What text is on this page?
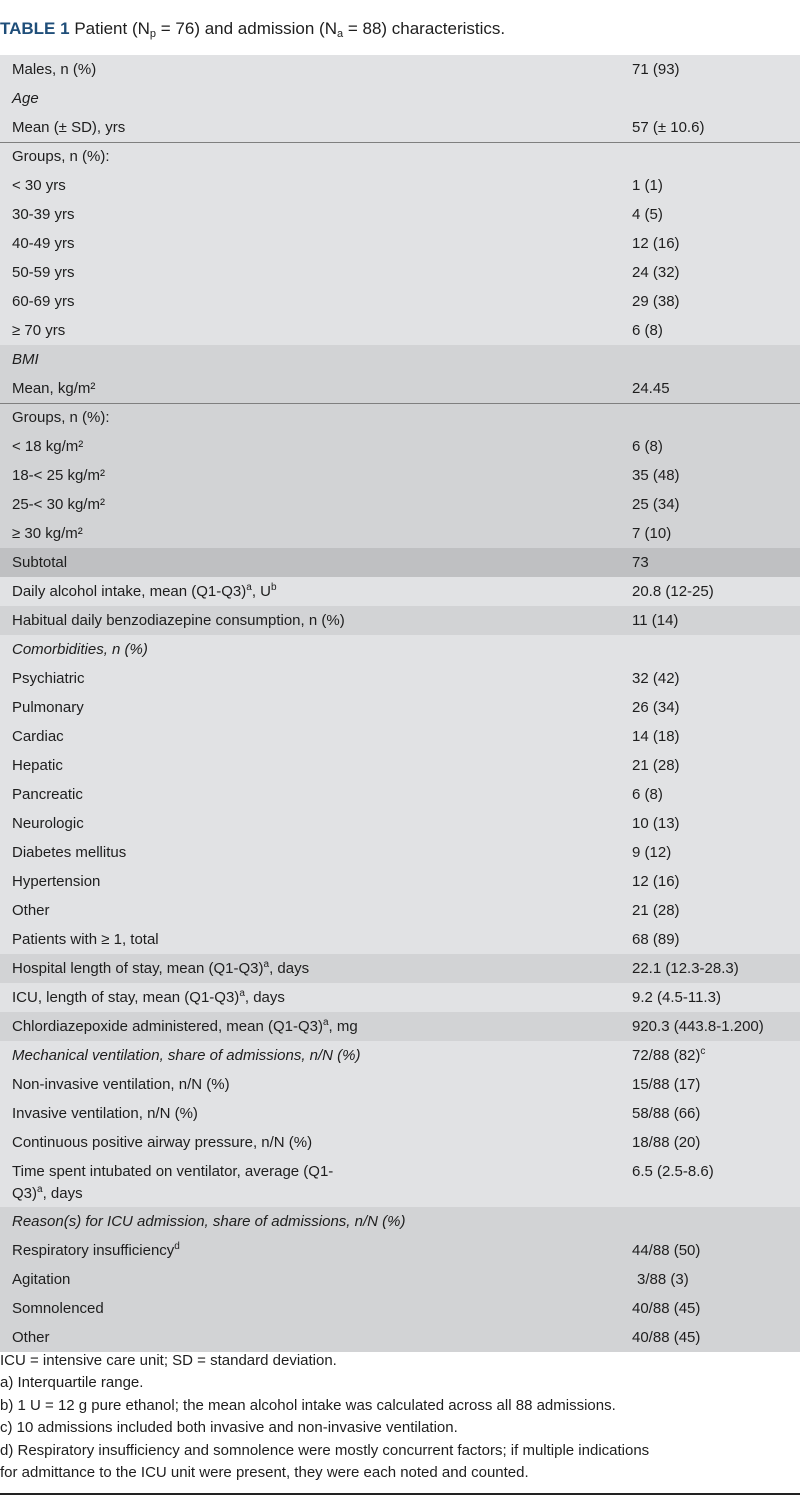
TABLE 1 Patient $(N_p = 76)$ and admission $(N_a = 88)$ characteristics.
Males, n (%)	71 (93)
Age
Mean (± SD), yrs	57 (± 10.6)
Groups, n (%):
< 30 yrs	1 (1)
30-39 yrs	4 (5)
40-49 yrs	12 (16)
50-59 yrs	24 (32)
60-69 yrs	29 (38)
≥ 70 yrs	6 (8)
BMI
Mean, kg/m²	24.45
Groups, n (%):
< 18 kg/m²	6 (8)
18-< 25 kg/m²	35 (48)
25-< 30 kg/m²	25 (34)
≥ 30 kg/m²	7 (10)
Subtotal	73
Daily alcohol intake, mean $(Q1-Q3)^a$, $U^b$	20.8 (12-25)
Habitual daily benzodiazepine consumption, n (%)	11 (14)
Comorbidities, n (%)
Psychiatric	32 (42)
Pulmonary	26 (34)
Cardiac	14 (18)
Hepatic	21 (28)
Pancreatic	6 (8)
Neurologic	10 (13)
Diabetes mellitus	9 (12)
Hypertension	12 (16)
Other	21 (28)
Patients with ≥ 1, total	68 (89)
Hospital length of stay, mean $(Q1-Q3)^a$, days	22.1 (12.3-28.3)
ICU, length of stay, mean $(Q1-Q3)^a$, days	9.2 (4.5-11.3)
Chlordiazepoxide administered, mean $(Q1-Q3)^a$, mg	920.3 (443.8-1.200)
Mechanical ventilation, share of admissions, n/N (%)	72/88 $(82)^c$
Non-invasive ventilation, n/N (%)	15/88 (17)
Invasive ventilation, n/N (%)	58/88 (66)
Continuous positive airway pressure, n/N (%)	18/88 (20)
Time spent intubated on ventilator, average $(Q1-Q3)^a$, days
6.5 (2.5-8.6)
Reason(s) for ICU admission, share of admissions, n/N (%)
Respiratory insufficiency$^d$	44/88 (50)
Agitation	3/88 (3)
Somnolenced	40/88 (45)
Other	40/88 (45)
ICU = intensive care unit; SD = standard deviation.
a) Interquartile range.
b) 1 U = 12 g pure ethanol; the mean alcohol intake was calculated across all 88 admissions.
c) 10 admissions included both invasive and non-invasive ventilation.
d) Respiratory insufficiency and somnolence were mostly concurrent factors; if multiple indications
for admittance to the ICU unit were present, they were each noted and counted.
